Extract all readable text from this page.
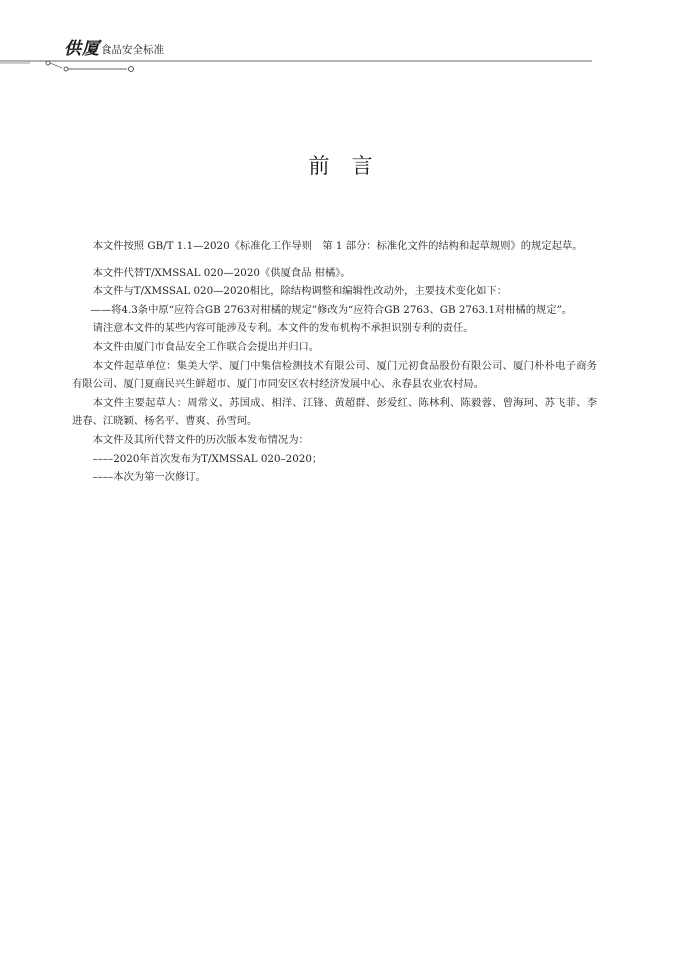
供厦 食品安全标准
前言

本文件按照 GB/T 1.1—2020《标准化工作导则　第 1 部分：标准化文件的结构和起草规则》的规定起草。

本文件代替T/XMSSAL 020—2020《供厦食品 柑橘》。

本文件与T/XMSSAL 020—2020相比，除结构调整和编辑性改动外，主要技术变化如下：

——将4.3条中原“应符合GB 2763对柑橘的规定”修改为“应符合GB 2763、GB 2763.1对柑橘的规定”。

请注意本文件的某些内容可能涉及专利。本文件的发布机构不承担识别专利的责任。

本文件由厦门市食品安全工作联合会提出并归口。

本文件起草单位：集美大学、厦门中集信检测技术有限公司、厦门元初食品股份有限公司、厦门朴朴电子商务有限公司、厦门夏商民兴生鲜超市、厦门市同安区农村经济发展中心、永春县农业农村局。

本文件主要起草人：周常义、苏国成、相洋、江锋、黄超群、彭爱红、陈林利、陈毅蓉、曾海珂、苏飞菲、李进春、江晓颖、杨名平、曹爽、孙雪珂。

本文件及其所代替文件的历次版本发布情况为：

––––2020年首次发布为T/XMSSAL 020–2020；

––––本次为第一次修订。
